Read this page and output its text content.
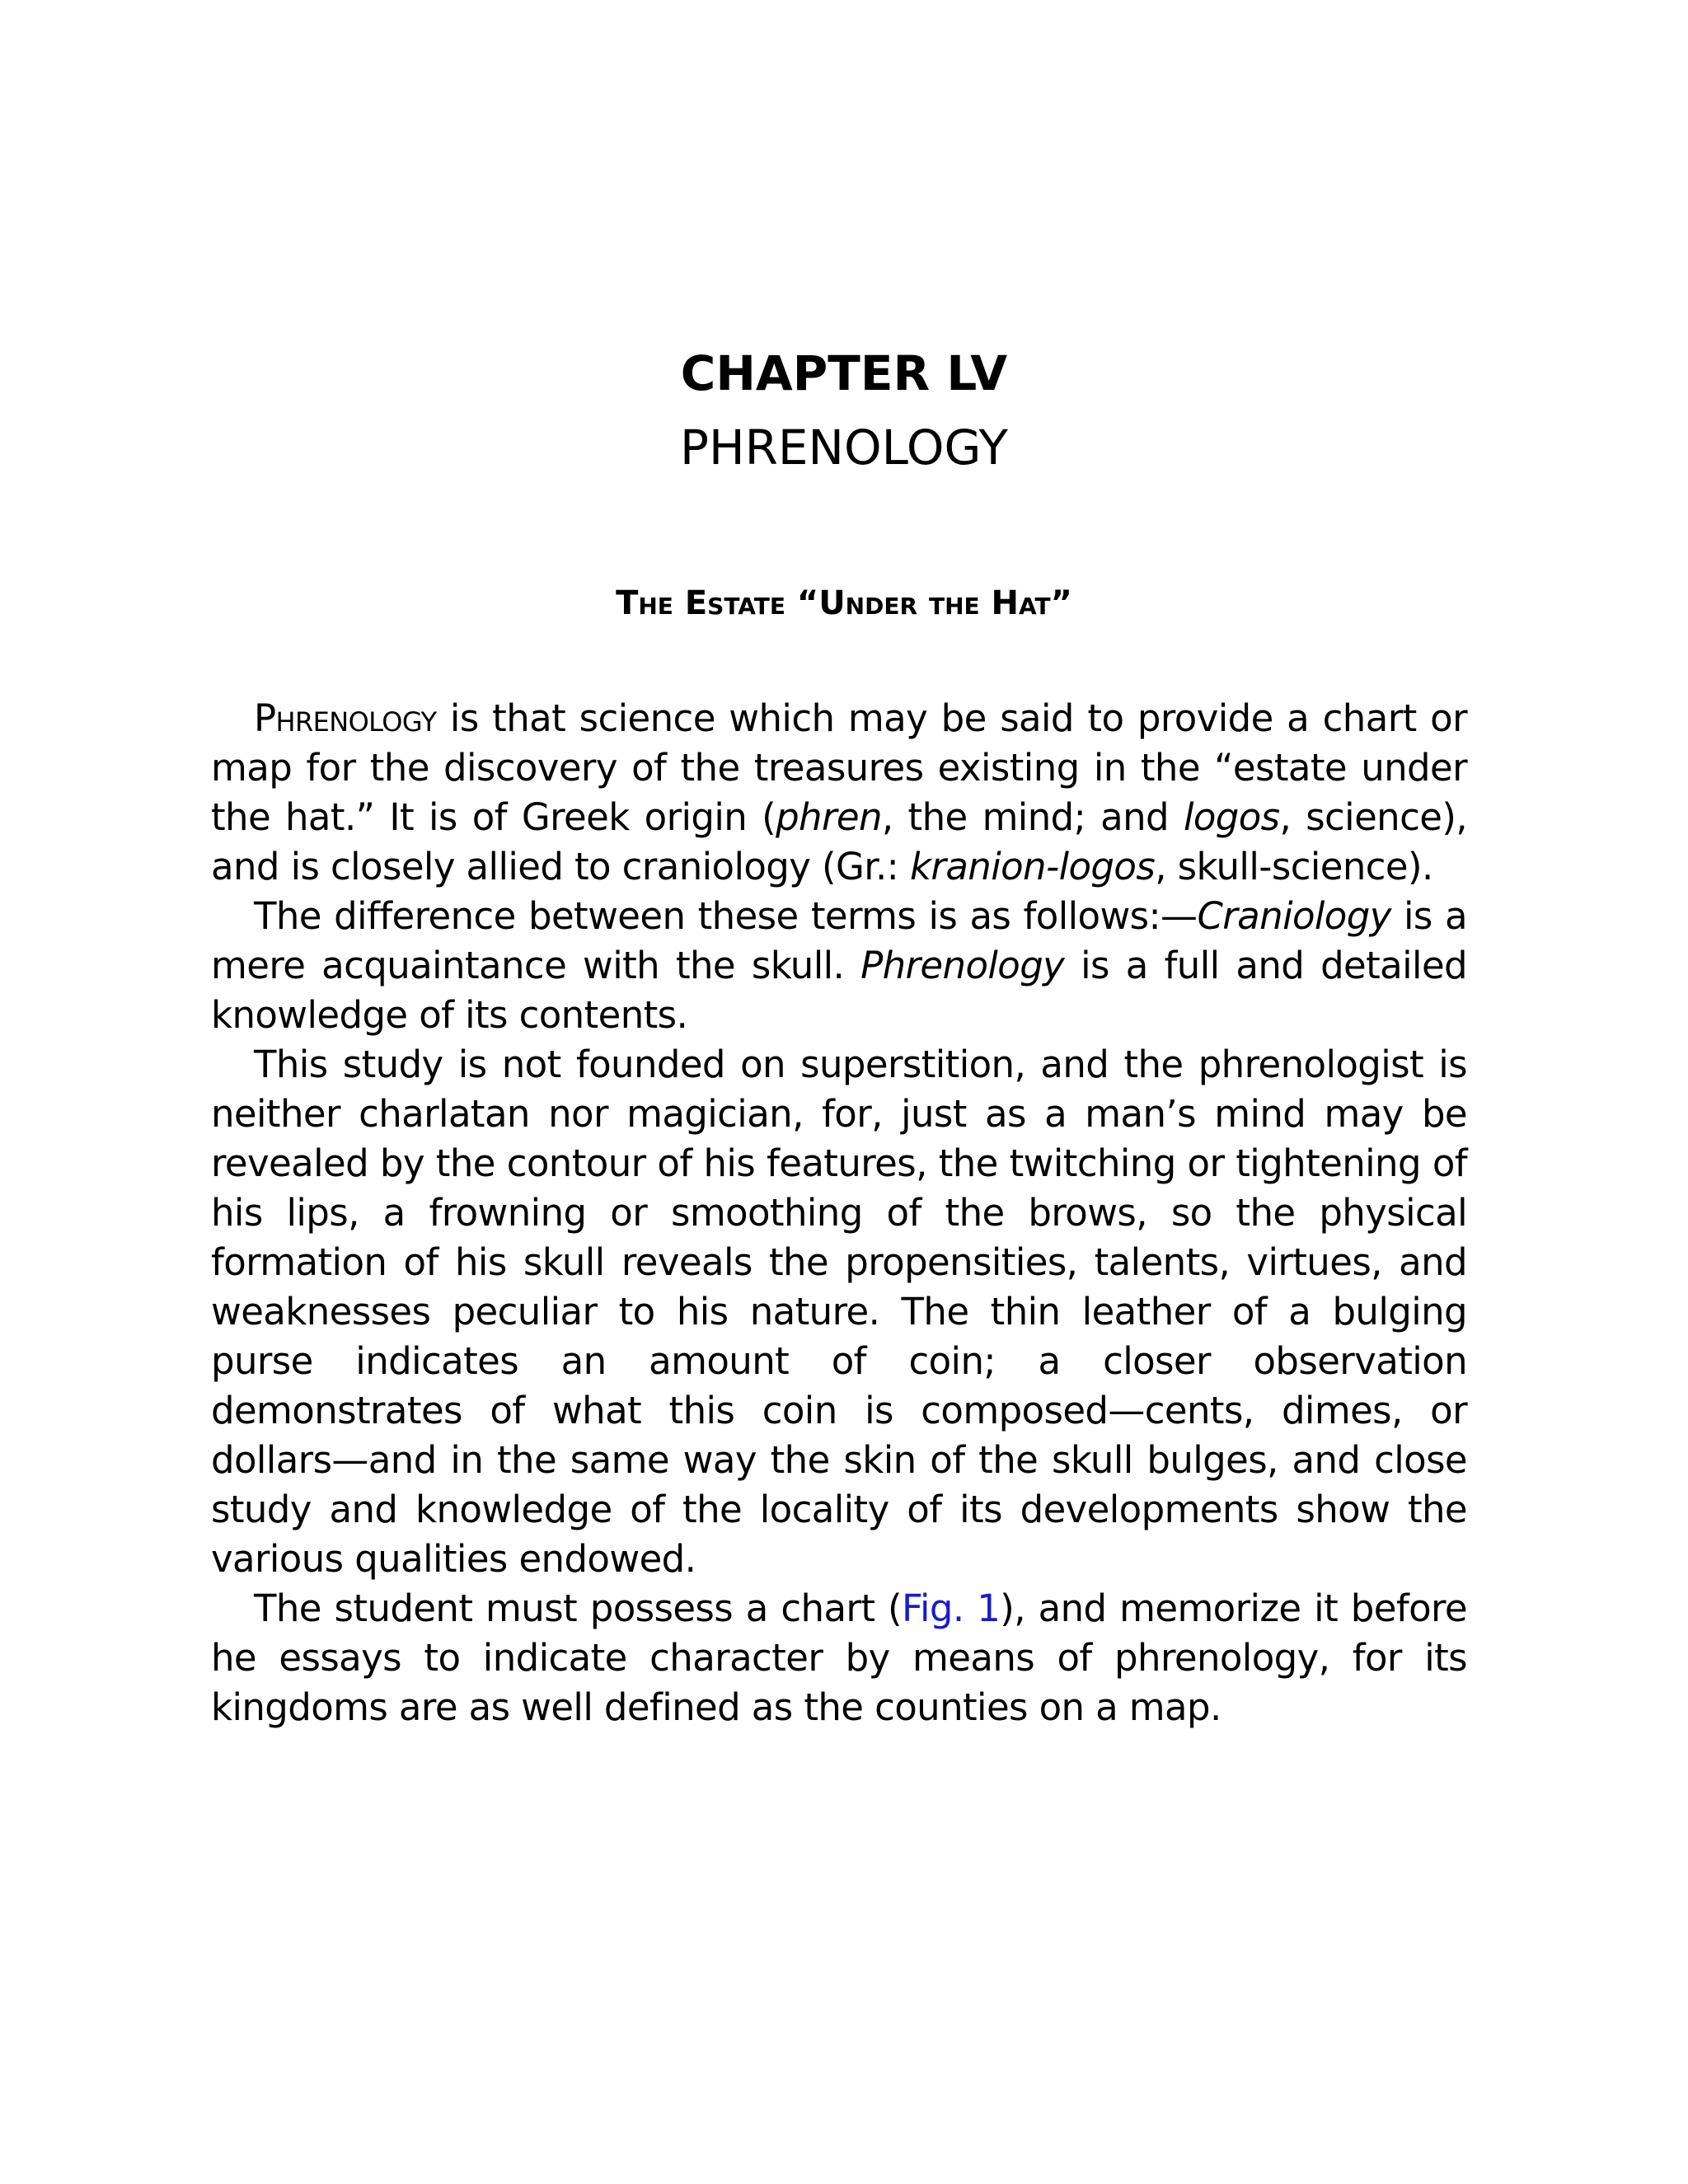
CHAPTER LV
PHRENOLOGY
The Estate “Under the Hat”

Phrenology is that science which may be said to provide a chart or map for the discovery of the treasures existing in the “estate under the hat.” It is of Greek origin (phren, the mind; and logos, science), and is closely allied to craniology (Gr.: kranion-logos, skull-science).

The difference between these terms is as follows:—Craniology is a mere acquaintance with the skull. Phrenology is a full and detailed knowledge of its contents.

This study is not founded on superstition, and the phrenologist is neither charlatan nor magician, for, just as a man’s mind may be revealed by the contour of his features, the twitching or tightening of his lips, a frowning or smoothing of the brows, so the physical formation of his skull reveals the propensities, talents, virtues, and weaknesses peculiar to his nature. The thin leather of a bulging purse indicates an amount of coin; a closer observation demonstrates of what this coin is composed—cents, dimes, or dollars—and in the same way the skin of the skull bulges, and close study and knowledge of the locality of its developments show the various qualities endowed.

The student must possess a chart (Fig. 1), and memorize it before he essays to indicate character by means of phrenology, for its kingdoms are as well defined as the counties on a map.
